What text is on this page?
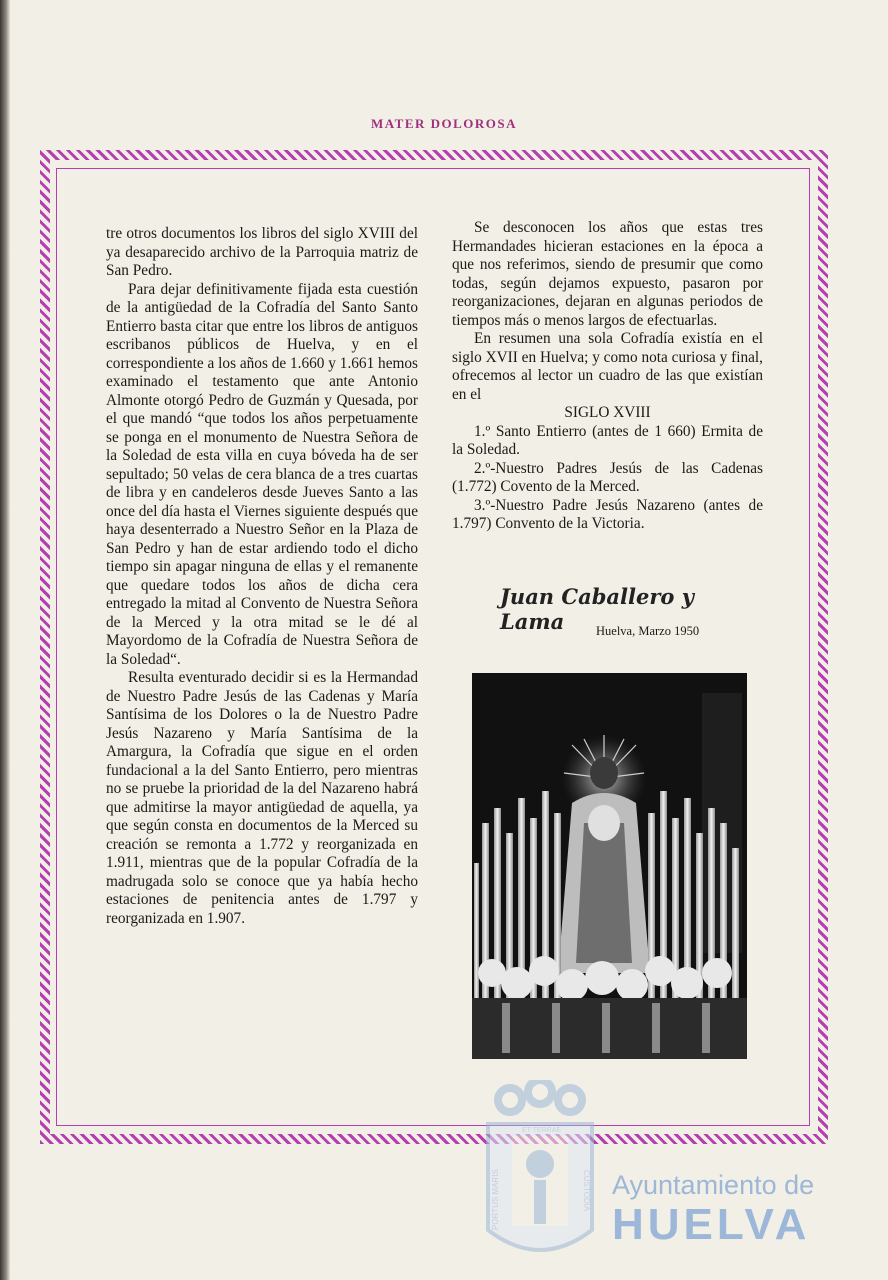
MATER DOLOROSA

tre otros documentos los libros del siglo XVIII del ya desaparecido archivo de la Parroquia matriz de San Pedro.

Para dejar definitivamente fijada esta cuestión de la antigüedad de la Cofradía del Santo Santo Entierro basta citar que entre los libros de antiguos escribanos públicos de Huelva, y en el correspondiente a los años de 1.660 y 1.661 hemos examinado el testamento que ante Antonio Almonte otorgó Pedro de Guzmán y Quesada, por el que mandó “que todos los años perpetuamente se ponga en el monumento de Nuestra Señora de la Soledad de esta villa en cuya bóveda ha de ser sepultado; 50 velas de cera blanca de a tres cuartas de libra y en candeleros desde Jueves Santo a las once del día hasta el Viernes siguiente después que haya desenterrado a Nuestro Señor en la Plaza de San Pedro y han de estar ardiendo todo el dicho tiempo sin apagar ninguna de ellas y el remanente que quedare todos los años de dicha cera entregado la mitad al Convento de Nuestra Señora de la Merced y la otra mitad se le dé al Mayordomo de la Cofradía de Nuestra Señora de la Soledad“.

Resulta eventurado decidir si es la Hermandad de Nuestro Padre Jesús de las Cadenas y María Santísima de los Dolores o la de Nuestro Padre Jesús Nazareno y María Santísima de la Amargura, la Cofradía que sigue en el orden fundacional a la del Santo Entierro, pero mientras no se pruebe la prioridad de la del Nazareno habrá que admitirse la mayor antigüedad de aquella, ya que según consta en documentos de la Merced su creación se remonta a 1.772 y reorganizada en 1.911, mientras que de la popular Cofradía de la madrugada solo se conoce que ya había hecho estaciones de penitencia antes de 1.797 y reorganizada en 1.907.

Se desconocen los años que estas tres Hermandades hicieran estaciones en la época a que nos referimos, siendo de presumir que como todas, según dejamos expuesto, pasaron por reorganizaciones, dejaran en algunas periodos de tiempos más o menos largos de efectuarlas.

En resumen una sola Cofradía existía en el siglo XVII en Huelva; y como nota curiosa y final, ofrecemos al lector un cuadro de las que existían en el

SIGLO XVIII

1.º Santo Entierro (antes de 1 660) Ermita de la Soledad.

2.º-Nuestro Padres Jesús de las Cadenas (1.772) Covento de la Merced.

3.º-Nuestro Padre Jesús Nazareno (antes de 1.797) Convento de la Victoria.

Juan Caballero y Lama	Huelva, Marzo 1950
PORTUS MARIS
ET TERRAE
CUSTODIA Ayuntamiento de
HUELVA
